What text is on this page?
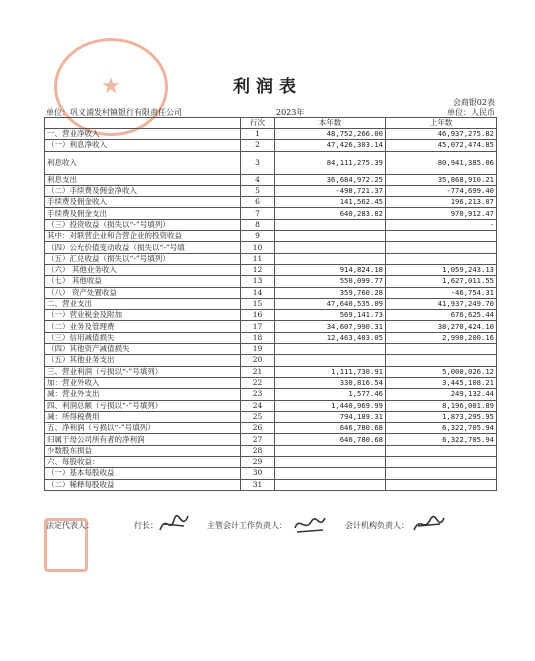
★	利润表
会商银02表
单位：巩义浦发村镇银行有限责任公司	2023年	单位：人民币
	行次	本年数	上年数
一、营业净收入	1	48,752,266.00	46,937,275.82
（一）利息净收入	2	47,426,303.14	45,072,474.85
利息收入	3	84,111,275.39	80,941,385.06
利息支出	4	36,684,972.25	35,868,910.21
（二）手续费及佣金净收入	5	-498,721.37	-774,699.40
手续费及佣金收入	6	141,562.45	196,213.07
手续费及佣金支出	7	640,283.82	970,912.47
（三）投资收益（损失以“-”号填列）	8		-
其中：对联营企业和合营企业的投资收益	9		
（四）公允价值变动收益（损失以“-”号填	10		
（五）汇兑收益（损失以“-”号填列）	11		
（六） 其他业务收入	12	914,824.18	1,059,243.13
（七） 其他收益	13	550,099.77	1,627,011.55
（八） 资产处置收益	14	359,760.28	-46,754.31
二、营业支出	15	47,640,535.09	41,937,249.70
（一）营业税金及附加	16	569,141.73	676,625.44
（二）业务及管理费	17	34,607,990.31	38,270,424.10
（三）信用减值损失	18	12,463,403.05	2,990,200.16
（四）其他资产减值损失	19		
（五）其他业务支出	20		
三、营业利润（亏损以“-”号填列）	21	1,111,730.91	5,000,026.12
加：营业外收入	22	330,816.54	3,445,108.21
减：营业外支出	23	1,577.46	249,132.44
四、利润总额（亏损以“-”号填列）	24	1,440,969.99	8,196,001.89
减：所得税费用	25	794,189.31	1,873,295.95
五、净利润（亏损以“-”号填列）	26	646,780.68	6,322,705.94
归属于母公司所有者的净利润	27	646,780.68	6,322,705.94
少数股东损益	28		
六、每股收益：	29		
（一）基本每股收益	30		
（二）稀释每股收益	31		
法定代表人：	行长：	主管会计工作负责人：	会计机构负责人：
